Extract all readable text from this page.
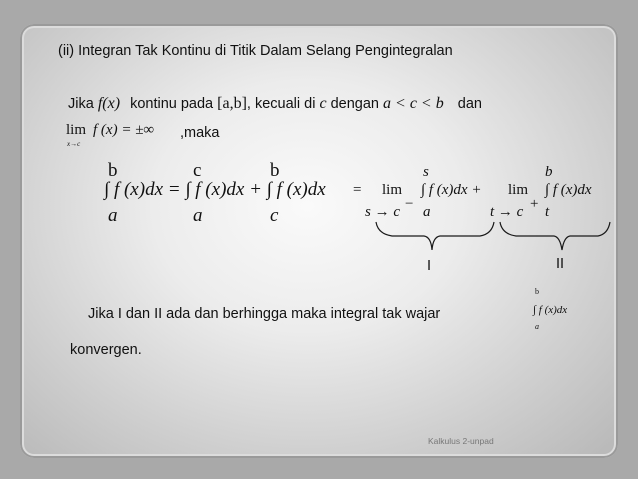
(ii) Integran Tak Kontinu di Titik Dalam Selang Pengintegralan
Jika f(x) kontinu pada [a,b], kecuali di c dengan a < c < b dan
lim f (x) = ±∞
x→c
,maka
b	c	b
∫ f (x)dx = ∫ f (x)dx + ∫ f (x)dx
a	a	c
= lim
s → c −
s
∫ f (x)dx +
a
lim
t → c +
b
∫ f (x)dx
t
I	II
Jika I dan II ada dan berhingga maka integral tak wajar
konvergen.
b
∫ f (x)dx
a
Kalkulus 2-unpad
